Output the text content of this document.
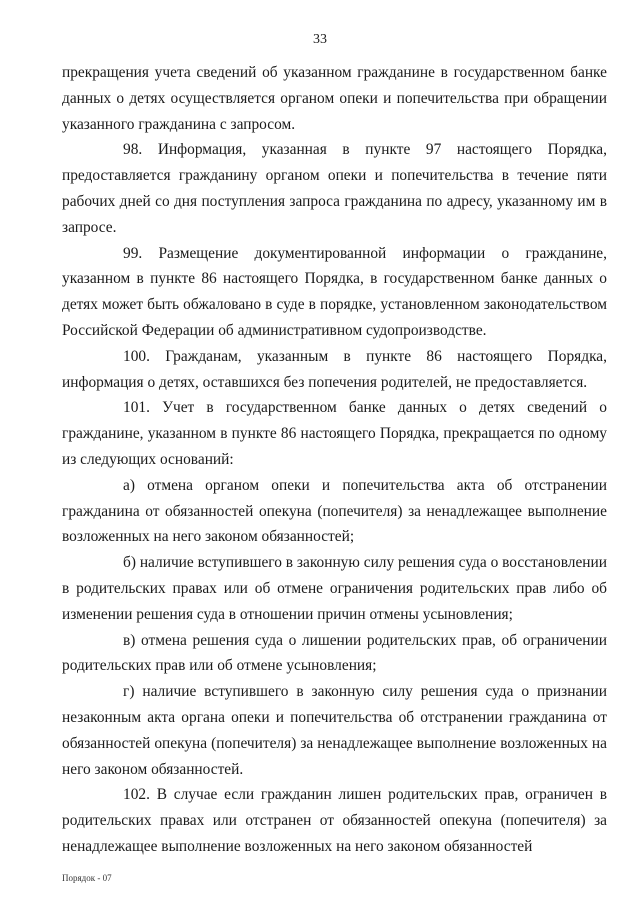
33

прекращения учета сведений об указанном гражданине в государственном банке данных о детях осуществляется органом опеки и попечительства при обращении указанного гражданина с запросом.

98. Информация, указанная в пункте 97 настоящего Порядка, предоставляется гражданину органом опеки и попечительства в течение пяти рабочих дней со дня поступления запроса гражданина по адресу, указанному им в запросе.

99. Размещение документированной информации о гражданине, указанном в пункте 86 настоящего Порядка, в государственном банке данных о детях может быть обжаловано в суде в порядке, установленном законодательством Российской Федерации об административном судопроизводстве.

100. Гражданам, указанным в пункте 86 настоящего Порядка, информация о детях, оставшихся без попечения родителей, не предоставляется.

101. Учет в государственном банке данных о детях сведений о гражданине, указанном в пункте 86 настоящего Порядка, прекращается по одному из следующих оснований:

а) отмена органом опеки и попечительства акта об отстранении гражданина от обязанностей опекуна (попечителя) за ненадлежащее выполнение возложенных на него законом обязанностей;

б) наличие вступившего в законную силу решения суда о восстановлении в родительских правах или об отмене ограничения родительских прав либо об изменении решения суда в отношении причин отмены усыновления;

в) отмена решения суда о лишении родительских прав, об ограничении родительских прав или об отмене усыновления;

г) наличие вступившего в законную силу решения суда о признании незаконным акта органа опеки и попечительства об отстранении гражданина от обязанностей опекуна (попечителя) за ненадлежащее выполнение возложенных на него законом обязанностей.

102. В случае если гражданин лишен родительских прав, ограничен в родительских правах или отстранен от обязанностей опекуна (попечителя) за ненадлежащее выполнение возложенных на него законом обязанностей

Порядок - 07
